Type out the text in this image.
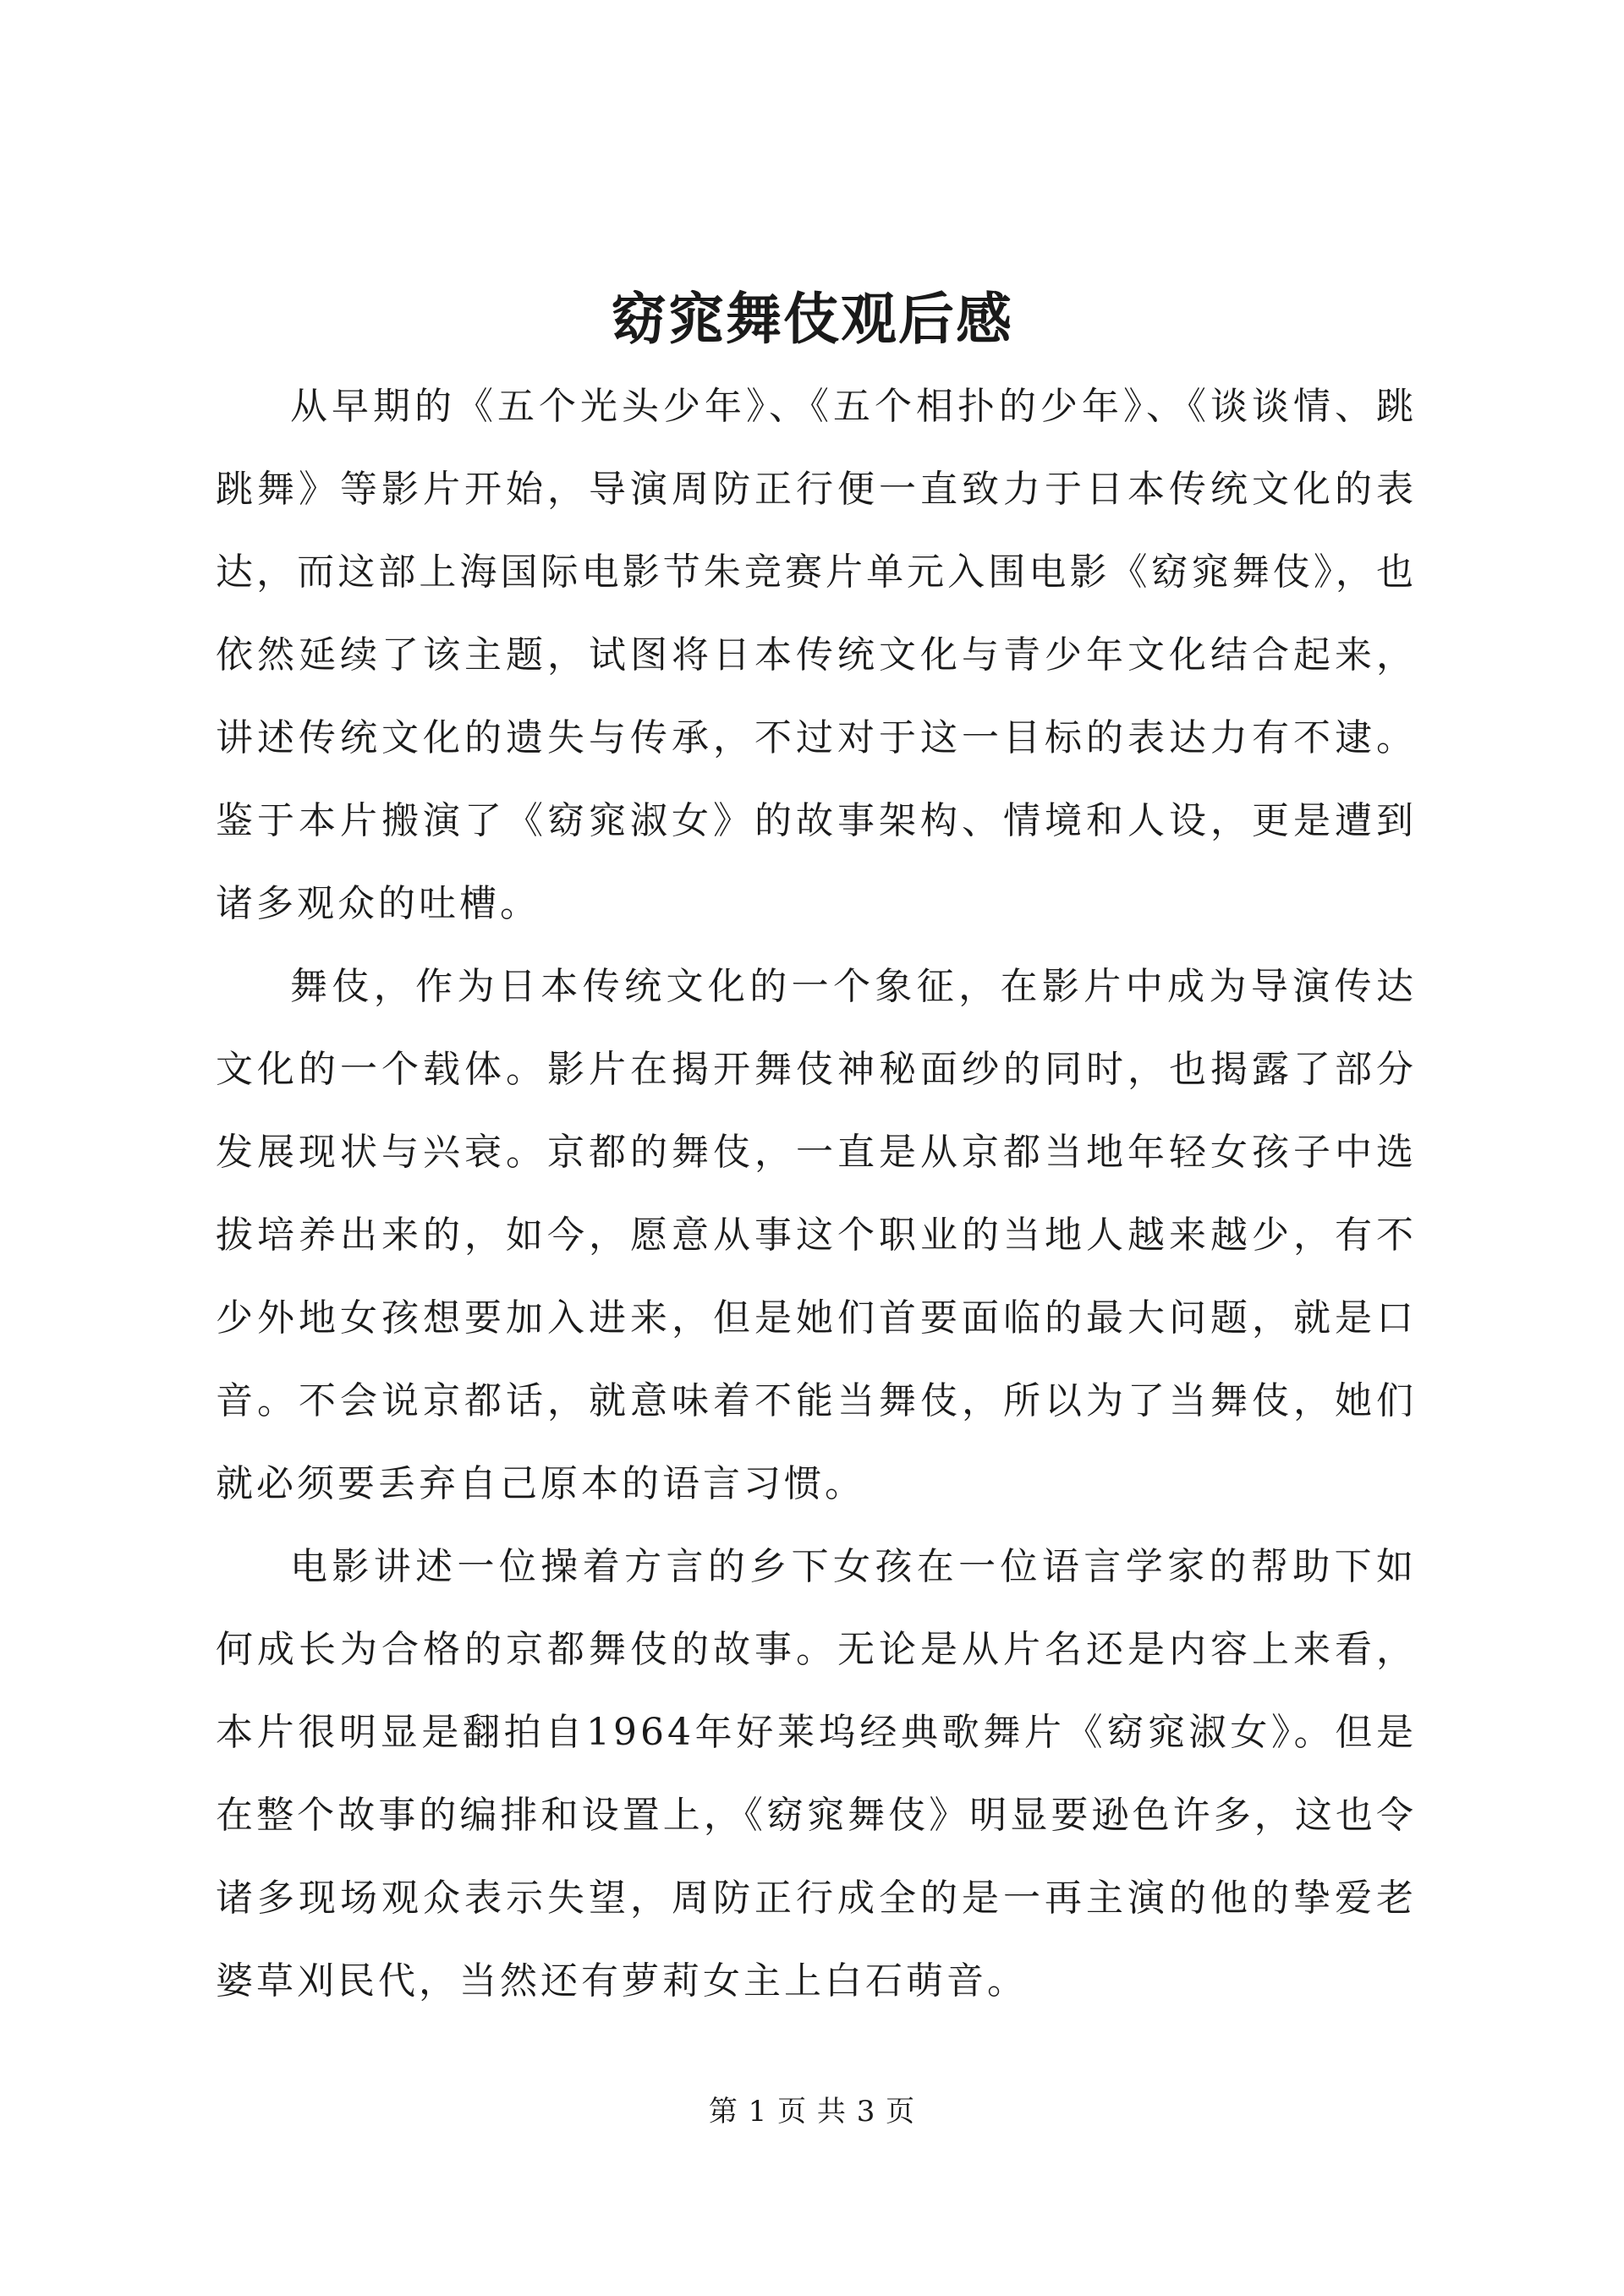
窈窕舞伎观后感

从早期的《五个光头少年》、《五个相扑的少年》、《谈谈情、跳跳舞》等影片开始，导演周防正行便一直致力于日本传统文化的表达，而这部上海国际电影节朱竞赛片单元入围电影《窈窕舞伎》，也依然延续了该主题，试图将日本传统文化与青少年文化结合起来，讲述传统文化的遗失与传承，不过对于这一目标的表达力有不逮。鉴于本片搬演了《窈窕淑女》的故事架构、情境和人设，更是遭到诸多观众的吐槽。

舞伎，作为日本传统文化的一个象征，在影片中成为导演传达文化的一个载体。影片在揭开舞伎神秘面纱的同时，也揭露了部分发展现状与兴衰。京都的舞伎，一直是从京都当地年轻女孩子中选拔培养出来的，如今，愿意从事这个职业的当地人越来越少，有不少外地女孩想要加入进来，但是她们首要面临的最大问题，就是口音。不会说京都话，就意味着不能当舞伎，所以为了当舞伎，她们就必须要丢弃自己原本的语言习惯。

电影讲述一位操着方言的乡下女孩在一位语言学家的帮助下如何成长为合格的京都舞伎的故事。无论是从片名还是内容上来看，本片很明显是翻拍自1964年好莱坞经典歌舞片《窈窕淑女》。但是在整个故事的编排和设置上，《窈窕舞伎》明显要逊色许多，这也令诸多现场观众表示失望，周防正行成全的是一再主演的他的挚爱老婆草刈民代，当然还有萝莉女主上白石萌音。

第 1 页 共 3 页
